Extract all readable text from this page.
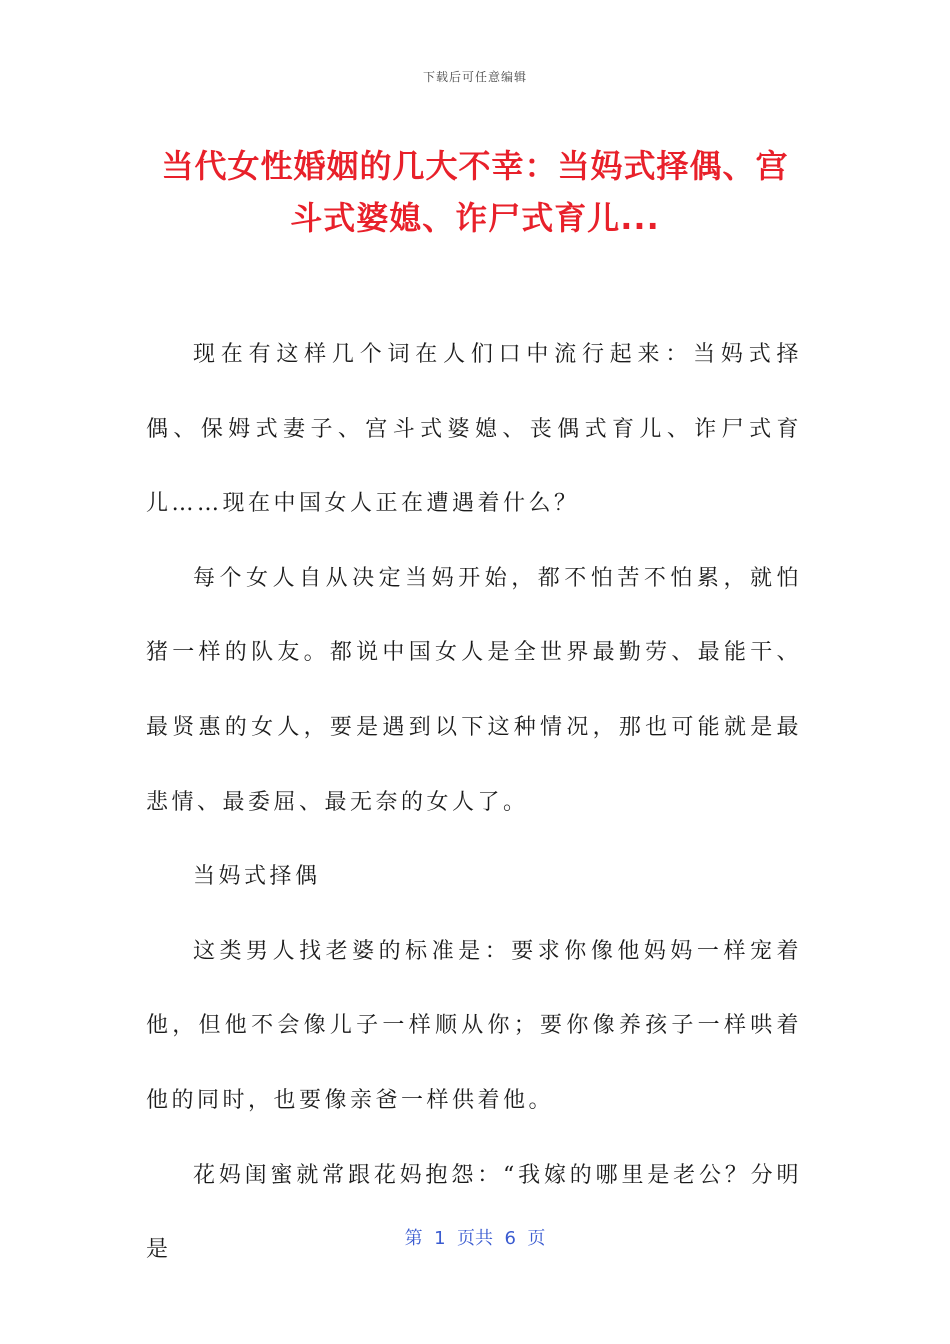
下载后可任意编辑
当代女性婚姻的几大不幸：当妈式择偶、宫
斗式婆媳、诈尸式育儿...

现在有这样几个词在人们口中流行起来：当妈式择偶、保姆式妻子、宫斗式婆媳、丧偶式育儿、诈尸式育儿……现在中国女人正在遭遇着什么？

每个女人自从决定当妈开始，都不怕苦不怕累，就怕猪一样的队友。都说中国女人是全世界最勤劳、最能干、最贤惠的女人，要是遇到以下这种情况，那也可能就是最悲情、最委屈、最无奈的女人了。

当妈式择偶

这类男人找老婆的标准是：要求你像他妈妈一样宠着他，但他不会像儿子一样顺从你；要你像养孩子一样哄着他的同时，也要像亲爸一样供着他。

花妈闺蜜就常跟花妈抱怨：“我嫁的哪里是老公？分明是	第  1  页共  6  页
